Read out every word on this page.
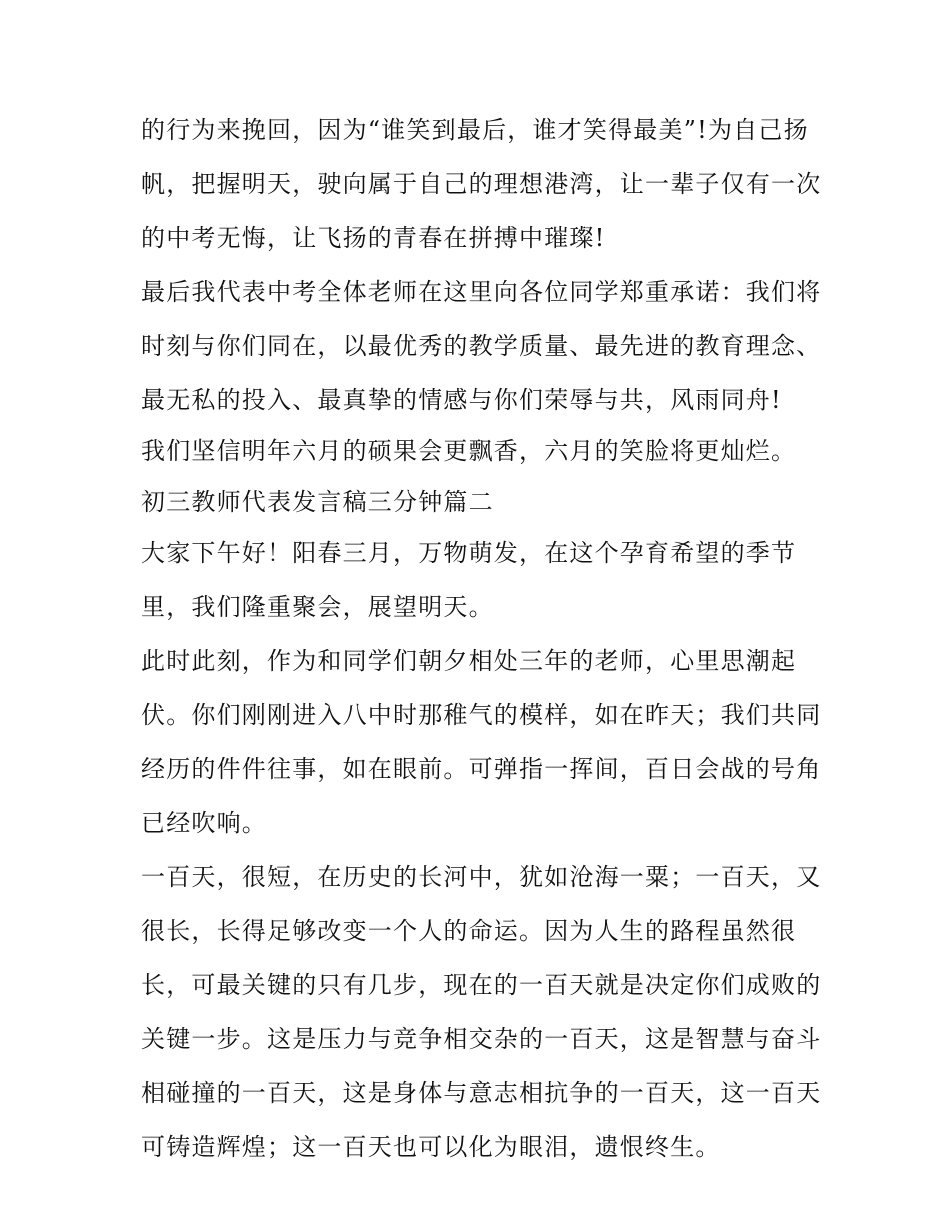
的行为来挽回，因为“谁笑到最后，谁才笑得最美”!为自己扬
帆，把握明天，驶向属于自己的理想港湾，让一辈子仅有一次
的中考无悔，让飞扬的青春在拼搏中璀璨!
最后我代表中考全体老师在这里向各位同学郑重承诺：我们将
时刻与你们同在，以最优秀的教学质量、最先进的教育理念、
最无私的投入、最真挚的情感与你们荣辱与共，风雨同舟!
我们坚信明年六月的硕果会更飘香，六月的笑脸将更灿烂。
初三教师代表发言稿三分钟篇二
大家下午好！阳春三月，万物萌发，在这个孕育希望的季节
里，我们隆重聚会，展望明天。
此时此刻，作为和同学们朝夕相处三年的老师，心里思潮起
伏。你们刚刚进入八中时那稚气的模样，如在昨天；我们共同
经历的件件往事，如在眼前。可弹指一挥间，百日会战的号角
已经吹响。
一百天，很短，在历史的长河中，犹如沧海一粟；一百天，又
很长，长得足够改变一个人的命运。因为人生的路程虽然很
长，可最关键的只有几步，现在的一百天就是决定你们成败的
关键一步。这是压力与竞争相交杂的一百天，这是智慧与奋斗
相碰撞的一百天，这是身体与意志相抗争的一百天，这一百天
可铸造辉煌；这一百天也可以化为眼泪，遗恨终生。
